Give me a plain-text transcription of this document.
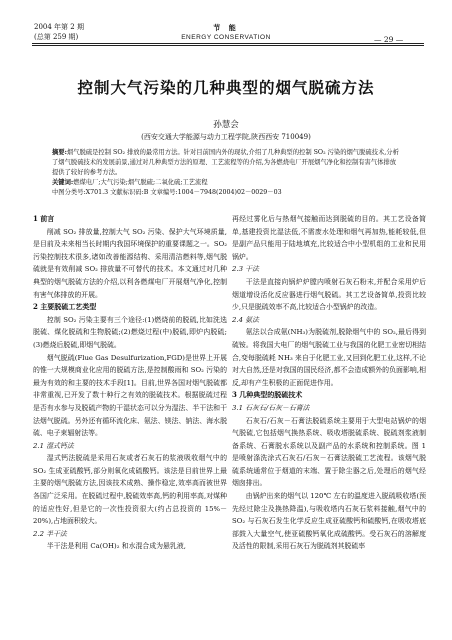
2004 年第 2 期
(总第 259 期)
节 能
ENERGY CONSERVATION	— 29 —
控制大气污染的几种典型的烟气脱硫方法
孙慧会
(西安交通大学能源与动力工程学院,陕西西安 710049)

摘要:烟气脱硫是控制 SO₂ 排放的最常用方法。针对目前国内外的现状,介绍了几种典型的控制 SO₂ 污染的烟气脱硫技术,分析了烟气脱硫技术的发展前景,通过对几种典型方法的原理、工艺流程等的介绍,为各燃烧电厂开展烟气净化和控制有害气体排放提供了较好的参考方法。

关键词:燃煤电厂;大气污染;烟气脱硫;二氧化硫;工艺流程

中图分类号:X701.3 文献标识码:B 文章编号:1004－7948(2004)02－0029－03

1 前言

削减 SO₂ 排放量,控制大气 SO₂ 污染、保护大气环境质量,是目前及未来相当长时期内我国环境保护的重要课题之一。SO₂ 污染控制技术很多,诸如改善能源结构、采用清洁燃料等,烟气脱硫就是有效削减 SO₂ 排放量不可替代的技术。本文通过对几种典型的烟气脱硫方法的介绍,以利各燃煤电厂开展烟气净化,控制有害气体排放的开展。

2 主要脱硫工艺类型

控制 SO₂ 污染主要有三个途径:(1)燃烧前的脱硫,比如洗选脱硫、煤化脱硫和生物脱硫;(2)燃烧过程(中)脱硫,即炉内脱硫;(3)燃烧后脱硫,即烟气脱硫。

烟气脱硫(Flue Gas Desulfurization,FGD)是世界上开展的惟一大规模商业化应用的脱硫方法,是控制酸雨和 SO₂ 污染的最为有效的和主要的技术手段[1]。目前,世界各国对烟气脱硫都非常重视,已开发了数十种行之有效的脱硫技术。根据脱硫过程是否有水参与及脱硫产物的干湿状态可以分为湿法、半干法和干法烟气脱硫。另外还有循环流化床、氨法、镁法、钠法、海水脱硫、电子束辐射法等。

2.1 湿式钙法

湿式钙法脱硫是采用石灰或者石灰石的浆液吸收烟气中的 SO₂ 生成亚硫酸钙,部分则氧化成硫酸钙。该法是目前世界上最主要的烟气脱硫方法,因该技术成熟、操作稳定,效率高而被世界各国广泛采用。在脱硫过程中,脱硫效率高,钙的利用率高,对煤种的适应性好,但是它的一次性投资很大(约占总投资的 15%－20%),占地面积较大。

2.2 半干法

半干法是利用 Ca(OH)₂ 和水混合成为悬乳液,

再经过雾化后与热烟气接触而达到脱硫的目的。其工艺设备简单,基建投资比湿法低,不需废水处理和烟气再加热,能耗较低,但是副产品只能用于陆地填充,比较适合中小型机组的工业和民用锅炉。

2.3 干法

干法是直接向锅炉炉膛内喷射石灰石粉末,并配合采用炉后烟道增设活化反应器进行烟气脱硫。其工艺设备简单,投资比较少,只是脱硫效率不高,比较适合小型锅炉的改造。

2.4 氨法

氨法以合成氨(NH₃)为脱硫剂,脱除烟气中的 SO₂,最后得到硫铵。将我国大电厂的烟气脱硫工业与我国的化肥工业密切相结合,变每脱硫耗 NH₃ 来自于化肥工业,又回到化肥工业,这样,不论对大自然,还是对我国的国民经济,都不会造成额外的负面影响,相反,却有产生积极的正面促进作用。

3 几种典型的脱硫技术
3.1 石灰石/石灰－石膏法

石灰石/石灰－石膏法脱硫系统主要用于大型电站锅炉的烟气脱硫,它包括烟气换热系统、吸收塔脱硫系统、脱硫剂浆液制备系统、石膏脱水系统以及副产品的水系统和控制系统。图 1 是喷射涤洗涂式石灰石/石灰－石膏法脱硫工艺流程。该烟气脱硫系统通常位于烟道的末端、置于除尘器之后,处理后的烟气经烟囱排出。

由锅炉出来的烟气以 120℃ 左右的温度进入脱硫吸收塔(预先经过除尘及换热降温),与吸收塔内石灰石浆料接触,烟气中的 SO₂ 与石灰石发生化学反应生成亚硫酸钙和硫酸钙,在吸收塔底部鼓入大量空气,使亚硫酸钙氧化成硫酸钙。受石灰石的溶解度及活性的限制,采用石灰石为脱硫剂其脱硫率
